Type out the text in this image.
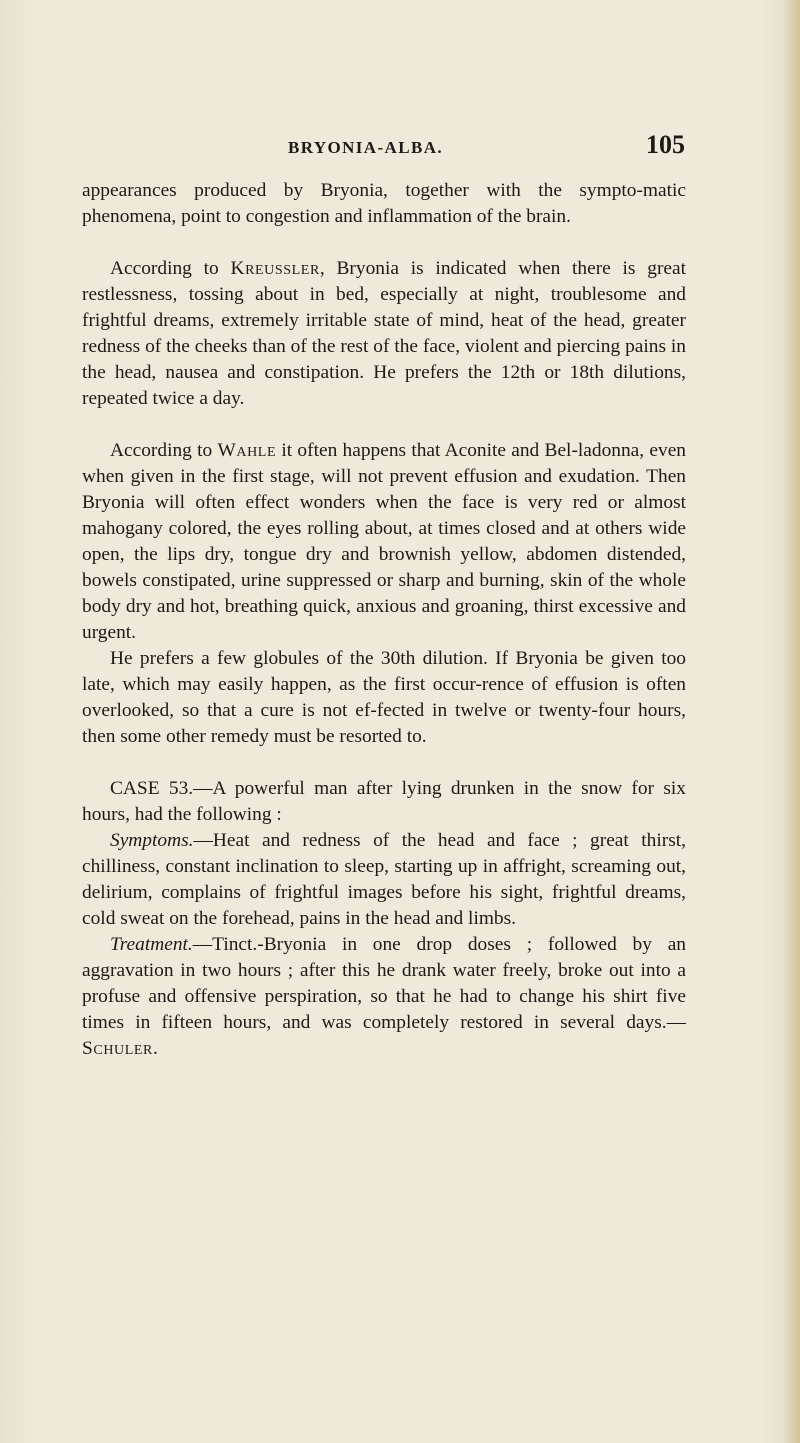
BRYONIA-ALBA.	105

appearances produced by Bryonia, together with the sympto-matic phenomena, point to congestion and inflammation of the brain.

According to Kreussler, Bryonia is indicated when there is great restlessness, tossing about in bed, especially at night, troublesome and frightful dreams, extremely irritable state of mind, heat of the head, greater redness of the cheeks than of the rest of the face, violent and piercing pains in the head, nausea and constipation. He prefers the 12th or 18th dilutions, repeated twice a day.

According to Wahle it often happens that Aconite and Bel-ladonna, even when given in the first stage, will not prevent effusion and exudation. Then Bryonia will often effect wonders when the face is very red or almost mahogany colored, the eyes rolling about, at times closed and at others wide open, the lips dry, tongue dry and brownish yellow, abdomen distended, bowels constipated, urine suppressed or sharp and burning, skin of the whole body dry and hot, breathing quick, anxious and groaning, thirst excessive and urgent.

He prefers a few globules of the 30th dilution. If Bryonia be given too late, which may easily happen, as the first occur-rence of effusion is often overlooked, so that a cure is not ef-fected in twelve or twenty-four hours, then some other remedy must be resorted to.

CASE 53.—A powerful man after lying drunken in the snow for six hours, had the following :

Symptoms.—Heat and redness of the head and face ; great thirst, chilliness, constant inclination to sleep, starting up in affright, screaming out, delirium, complains of frightful images before his sight, frightful dreams, cold sweat on the forehead, pains in the head and limbs.

Treatment.—Tinct.-Bryonia in one drop doses ; followed by an aggravation in two hours ; after this he drank water freely, broke out into a profuse and offensive perspiration, so that he had to change his shirt five times in fifteen hours, and was completely restored in several days.—Schuler.
